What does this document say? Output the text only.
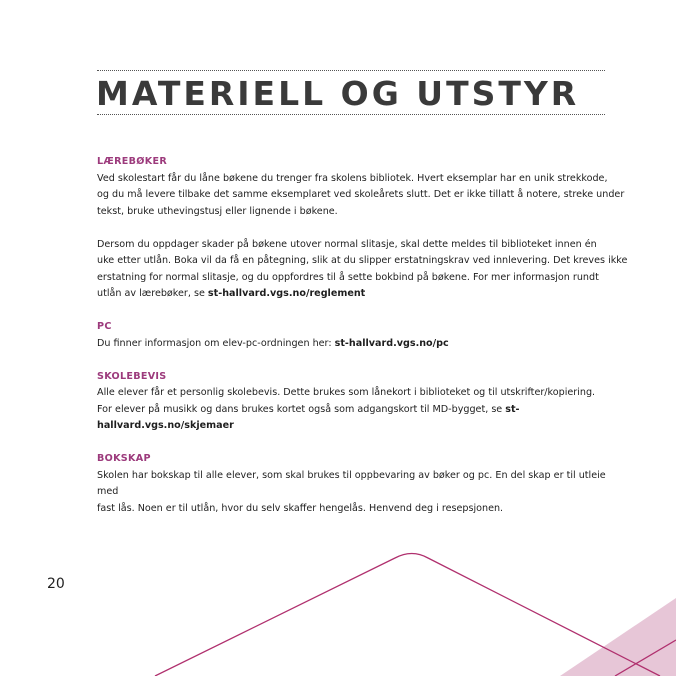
MATERIELL OG UTSTYR
LÆREBØKER
Ved skolestart får du låne bøkene du trenger fra skolens bibliotek. Hvert eksemplar har en unik strekkode,
og du må levere tilbake det samme eksemplaret ved skoleårets slutt. Det er ikke tillatt å notere, streke under
tekst, bruke uthevingstusj eller lignende i bøkene.
Dersom du oppdager skader på bøkene utover normal slitasje, skal dette meldes til biblioteket innen én
uke etter utlån. Boka vil da få en påtegning, slik at du slipper erstatningskrav ved innlevering. Det kreves ikke
erstatning for normal slitasje, og du oppfordres til å sette bokbind på bøkene. For mer informasjon rundt
utlån av lærebøker, se st-hallvard.vgs.no/reglement
PC
Du finner informasjon om elev-pc-ordningen her: st-hallvard.vgs.no/pc
SKOLEBEVIS
Alle elever får et personlig skolebevis. Dette brukes som lånekort i biblioteket og til utskrifter/kopiering.
For elever på musikk og dans brukes kortet også som adgangskort til MD-bygget, se st-hallvard.vgs.no/skjemaer
BOKSKAP
Skolen har bokskap til alle elever, som skal brukes til oppbevaring av bøker og pc. En del skap er til utleie med
fast lås. Noen er til utlån, hvor du selv skaffer hengelås. Henvend deg i resepsjonen.
20
